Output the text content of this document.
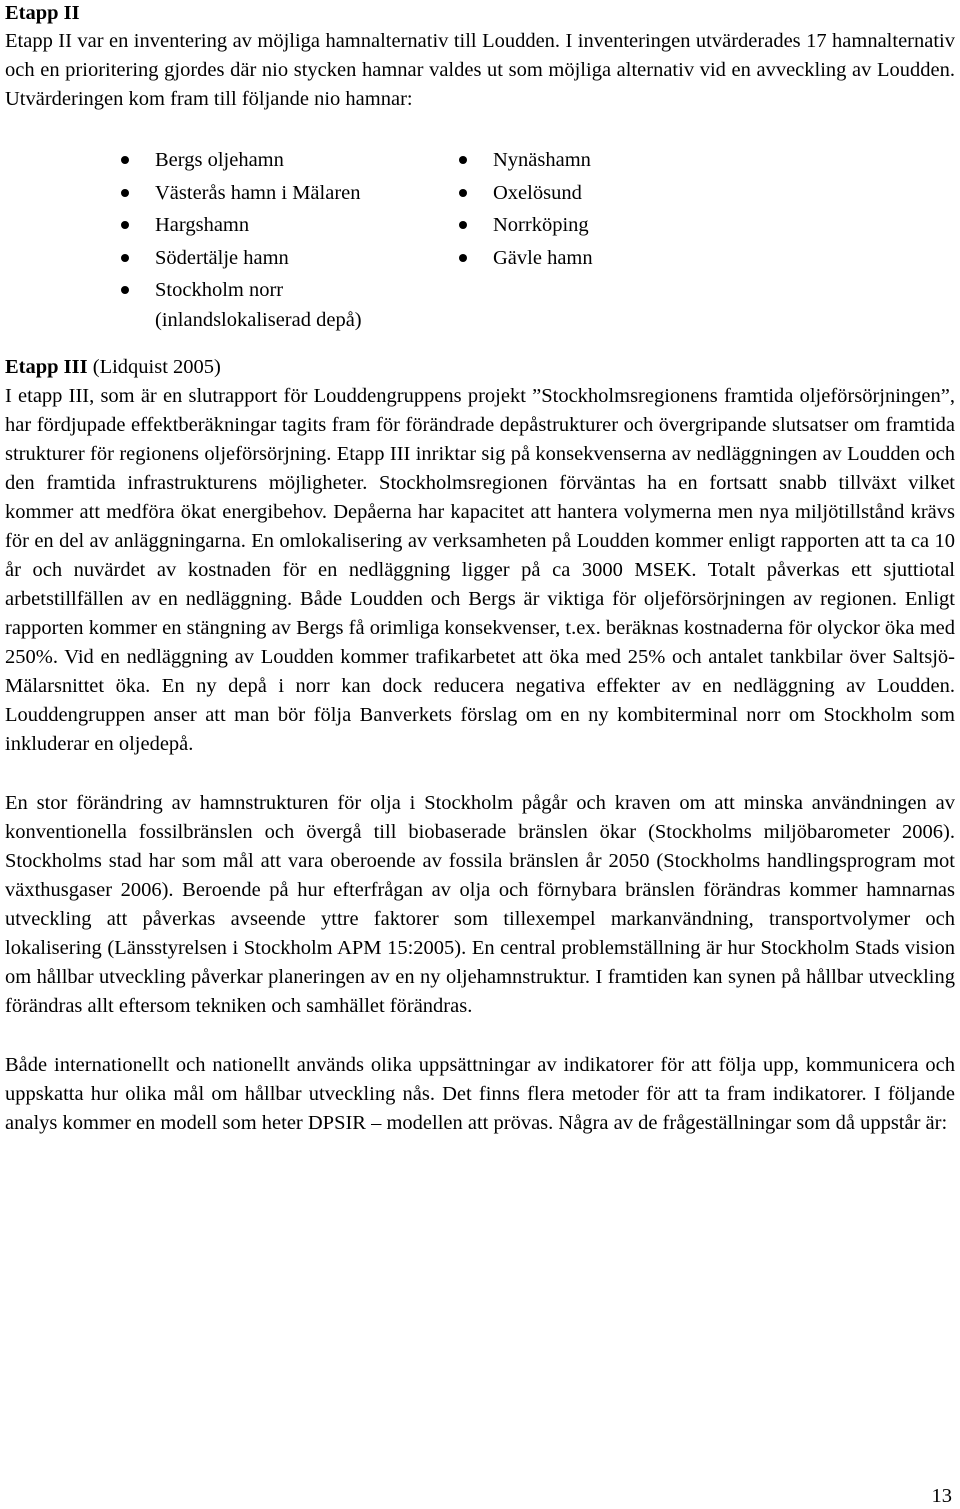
Etapp II

Etapp II var en inventering av möjliga hamnalternativ till Loudden. I inventeringen utvärderades 17 hamnalternativ och en prioritering gjordes där nio stycken hamnar valdes ut som möjliga alternativ vid en avveckling av Loudden. Utvärderingen kom fram till följande nio hamnar:

Bergs oljehamn
Västerås hamn i Mälaren
Hargshamn
Södertälje hamn
Stockholm norr (inlandslokaliserad depå)
Nynäshamn
Oxelösund
Norrköping
Gävle hamn
Etapp III (Lidquist 2005)

I etapp III, som är en slutrapport för Louddengruppens projekt ”Stockholmsregionens framtida oljeförsörjningen”, har fördjupade effektberäkningar tagits fram för förändrade depåstrukturer och övergripande slutsatser om framtida strukturer för regionens oljeförsörjning. Etapp III inriktar sig på konsekvenserna av nedläggningen av Loudden och den framtida infrastrukturens möjligheter. Stockholmsregionen förväntas ha en fortsatt snabb tillväxt vilket kommer att medföra ökat energibehov. Depåerna har kapacitet att hantera volymerna men nya miljötillstånd krävs för en del av anläggningarna. En omlokalisering av verksamheten på Loudden kommer enligt rapporten att ta ca 10 år och nuvärdet av kostnaden för en nedläggning ligger på ca 3000 MSEK. Totalt påverkas ett sjuttiotal arbetstillfällen av en nedläggning. Både Loudden och Bergs är viktiga för oljeförsörjningen av regionen. Enligt rapporten kommer en stängning av Bergs få orimliga konsekvenser, t.ex. beräknas kostnaderna för olyckor öka med 250%. Vid en nedläggning av Loudden kommer trafikarbetet att öka med 25% och antalet tankbilar över Saltsjö-Mälarsnittet öka. En ny depå i norr kan dock reducera negativa effekter av en nedläggning av Loudden. Louddengruppen anser att man bör följa Banverkets förslag om en ny kombiterminal norr om Stockholm som inkluderar en oljedepå.

En stor förändring av hamnstrukturen för olja i Stockholm pågår och kraven om att minska användningen av konventionella fossilbränslen och övergå till biobaserade bränslen ökar (Stockholms miljöbarometer 2006). Stockholms stad har som mål att vara oberoende av fossila bränslen år 2050 (Stockholms handlingsprogram mot växthusgaser 2006). Beroende på hur efterfrågan av olja och förnybara bränslen förändras kommer hamnarnas utveckling att påverkas avseende yttre faktorer som tillexempel markanvändning, transportvolymer och lokalisering (Länsstyrelsen i Stockholm APM 15:2005). En central problemställning är hur Stockholm Stads vision om hållbar utveckling påverkar planeringen av en ny oljehamnstruktur. I framtiden kan synen på hållbar utveckling förändras allt eftersom tekniken och samhället förändras.

Både internationellt och nationellt används olika uppsättningar av indikatorer för att följa upp, kommunicera och uppskatta hur olika mål om hållbar utveckling nås. Det finns flera metoder för att ta fram indikatorer. I följande analys kommer en modell som heter DPSIR – modellen att prövas. Några av de frågeställningar som då uppstår är:

13
